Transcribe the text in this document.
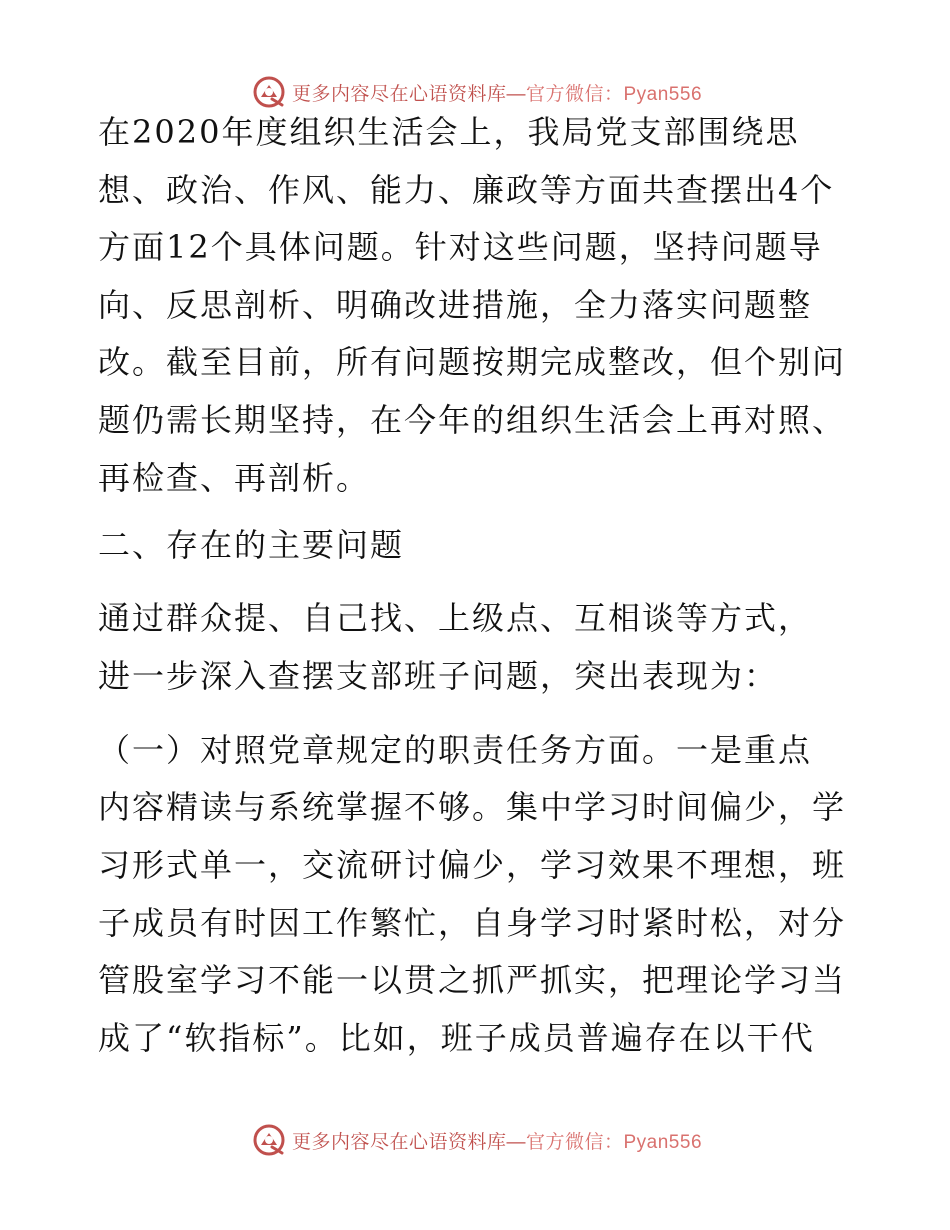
更多内容尽在心语资料库—官方微信：Pyan556
在2020年度组织生活会上，我局党支部围绕思
想、政治、作风、能力、廉政等方面共查摆出4个
方面12个具体问题。针对这些问题，坚持问题导
向、反思剖析、明确改进措施，全力落实问题整
改。截至目前，所有问题按期完成整改，但个别问
题仍需长期坚持，在今年的组织生活会上再对照、
再检查、再剖析。
二、存在的主要问题
通过群众提、自己找、上级点、互相谈等方式，
进一步深入查摆支部班子问题，突出表现为：
（一）对照党章规定的职责任务方面。一是重点
内容精读与系统掌握不够。集中学习时间偏少，学
习形式单一，交流研讨偏少，学习效果不理想，班
子成员有时因工作繁忙，自身学习时紧时松，对分
管股室学习不能一以贯之抓严抓实，把理论学习当
成了“软指标”。比如，班子成员普遍存在以干代
更多内容尽在心语资料库—官方微信：Pyan556
